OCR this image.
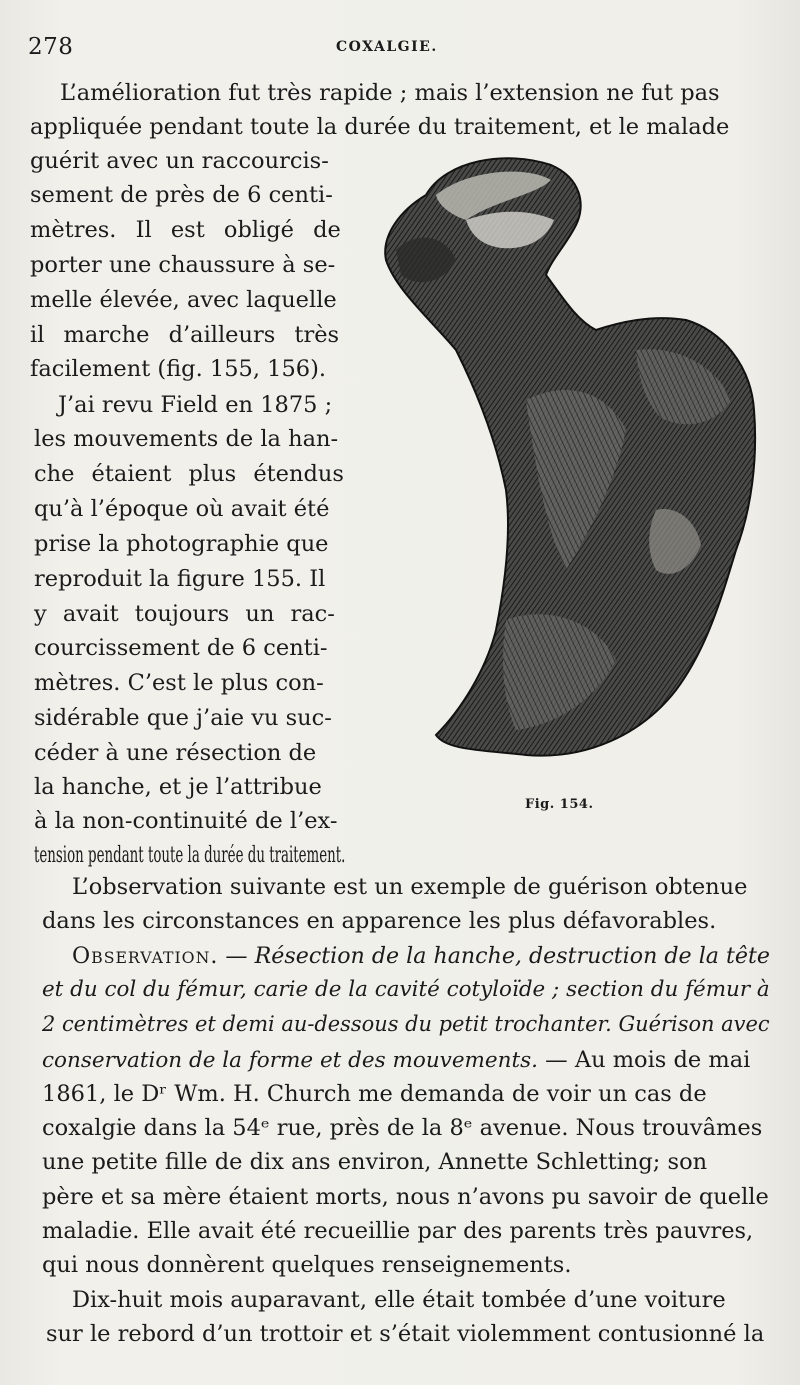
278	COXALGIE.
L’amélioration fut très rapide ; mais l’extension ne fut pas
appliquée pendant toute la durée du traitement, et le malade
guérit avec un raccourcis-
sement de près de 6 centi-
mètres. Il est obligé de
porter une chaussure à se-
melle élevée, avec laquelle
il marche d’ailleurs très
facilement (fig. 155, 156).
J’ai revu Field en 1875 ;
les mouvements de la han-
che étaient plus étendus
qu’à l’époque où avait été
prise la photographie que
reproduit la figure 155. Il
y avait toujours un rac-
courcissement de 6 centi-
mètres. C’est le plus con-
sidérable que j’aie vu suc-
céder à une résection de
la hanche, et je l’attribue
à la non-continuité de l’ex-
tension pendant toute la durée du traitement.
Fig. 154.
L’observation suivante est un exemple de guérison obtenue
dans les circonstances en apparence les plus défavorables.
Observation. — Résection de la hanche, destruction de la tête
et du col du fémur, carie de la cavité cotyloïde ; section du fémur à
2 centimètres et demi au-dessous du petit trochanter. Guérison avec
conservation de la forme et des mouvements. — Au mois de mai
1861, le Dʳ Wm. H. Church me demanda de voir un cas de
coxalgie dans la 54ᵉ rue, près de la 8ᵉ avenue. Nous trouvâmes
une petite fille de dix ans environ, Annette Schletting; son
père et sa mère étaient morts, nous n’avons pu savoir de quelle
maladie. Elle avait été recueillie par des parents très pauvres,
qui nous donnèrent quelques renseignements.
Dix-huit mois auparavant, elle était tombée d’une voiture
sur le rebord d’un trottoir et s’était violemment contusionné la
